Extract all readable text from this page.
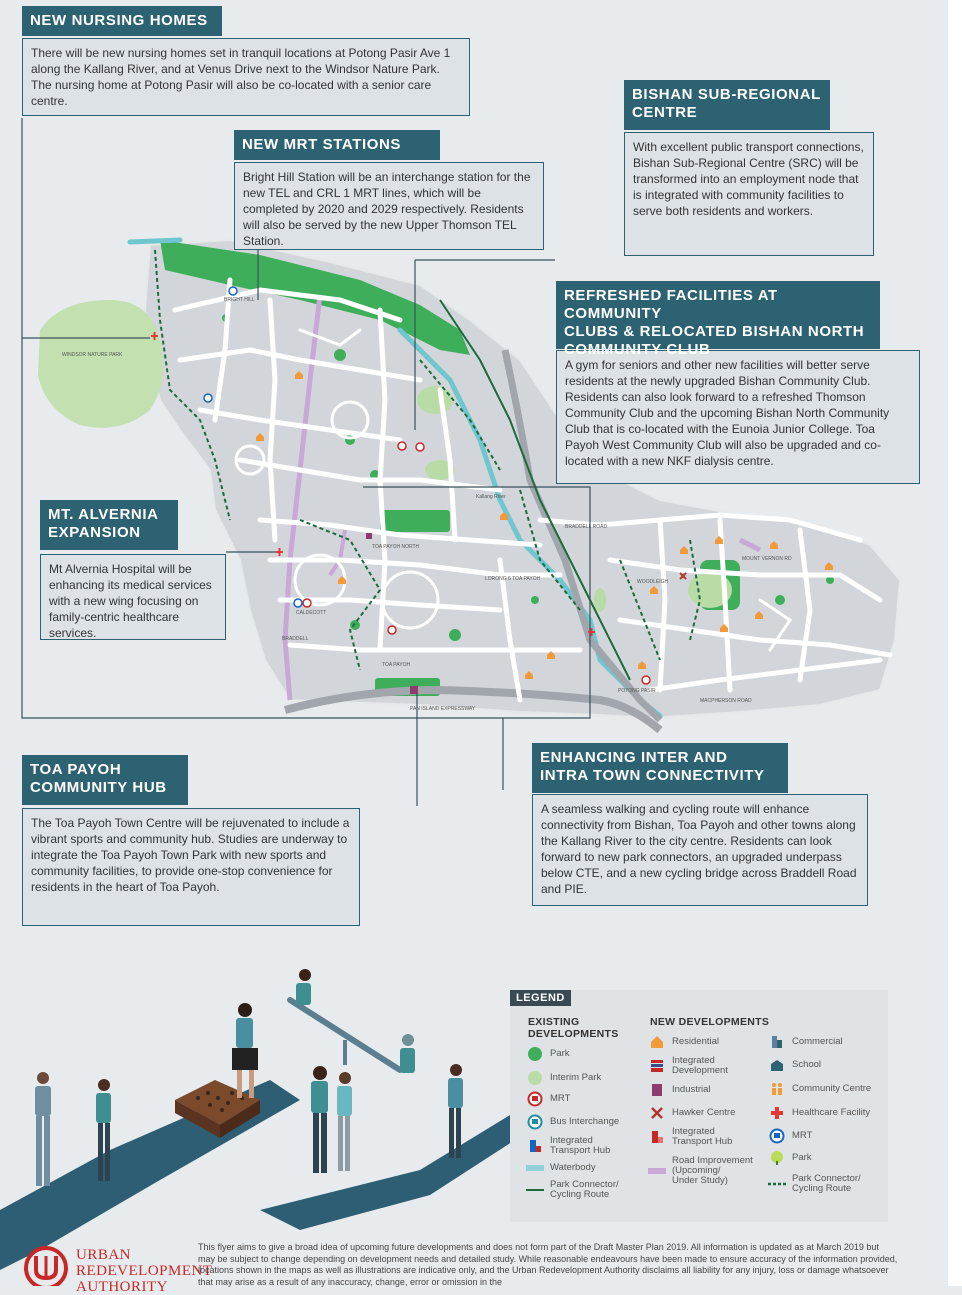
WINDSOR NATURE PARK
Kallang River
BRIGHT HILL
TOA PAYOH NORTH
LORONG 6 TOA PAYOH
PAN ISLAND EXPRESSWAY
WOODLEIGH
POTONG PASIR
MACPHERSON ROAD
MOUNT VERNON RD
TOA PAYOH
BRADDELL
CALDECOTT
BRADDELL ROAD
NEW NURSING HOMES
There will be new nursing homes set in tranquil locations at Potong Pasir Ave 1 along the Kallang River, and at Venus Drive next to the Windsor Nature Park. The nursing home at Potong Pasir will also be co-located with a senior care centre.	BISHAN SUB-REGIONAL
CENTRE
With excellent public transport connections, Bishan Sub-Regional Centre (SRC) will be transformed into an employment node that is integrated with community facilities to serve both residents and workers.
NEW MRT STATIONS
Bright Hill Station will be an interchange station for the new TEL and CRL 1 MRT lines, which will be completed by 2020 and 2029 respectively. Residents will also be served by the new Upper Thomson TEL Station.
REFRESHED FACILITIES AT COMMUNITY
CLUBS & RELOCATED BISHAN NORTH
COMMUNITY CLUB
A gym for seniors and other new facilities will better serve residents at the newly upgraded Bishan Community Club. Residents can also look forward to a refreshed Thomson Community Club and the upcoming Bishan North Community Club that is co-located with the Eunoia Junior College. Toa Payoh West Community Club will also be upgraded and co-located with a new NKF dialysis centre.
MT. ALVERNIA
EXPANSION
Mt Alvernia Hospital will be enhancing its medical services with a new wing focusing on family-centric healthcare services.
TOA PAYOH
COMMUNITY HUB
The Toa Payoh Town Centre will be rejuvenated to include a vibrant sports and community hub. Studies are underway to integrate the Toa Payoh Town Park with new sports and community facilities, to provide one-stop convenience for residents in the heart of Toa Payoh.
ENHANCING INTER AND
INTRA TOWN CONNECTIVITY
A seamless walking and cycling route will enhance connectivity from Bishan, Toa Payoh and other towns along the Kallang River to the city centre. Residents can look forward to new park connectors, an upgraded underpass below CTE, and a new cycling bridge across Braddell Road and PIE.
LEGEND
EXISTING
DEVELOPMENTS
NEW DEVELOPMENTS
Park
Interim Park
MRT
Bus Interchange
Integrated
Transport Hub
Waterbody
Park Connector/
Cycling Route
Residential
Integrated
Development
Industrial
Hawker Centre
Integrated
Transport Hub
Road Improvement
(Upcoming/
Under Study)
Commercial
School
Community Centre
Healthcare Facility
MRT
Park
Park Connector/
Cycling Route
URBAN
REDEVELOPMENT
AUTHORITY
This flyer aims to give a broad idea of upcoming future developments and does not form part of the Draft Master Plan 2019. All information is updated as at March 2019 but may be subject to change depending on development needs and detailed study. While reasonable endeavours have been made to ensure accuracy of the information provided, locations shown in the maps as well as illustrations are indicative only, and the Urban Redevelopment Authority disclaims all liability for any injury, loss or damage whatsoever that may arise as a result of any inaccuracy, change, error or omission in the
